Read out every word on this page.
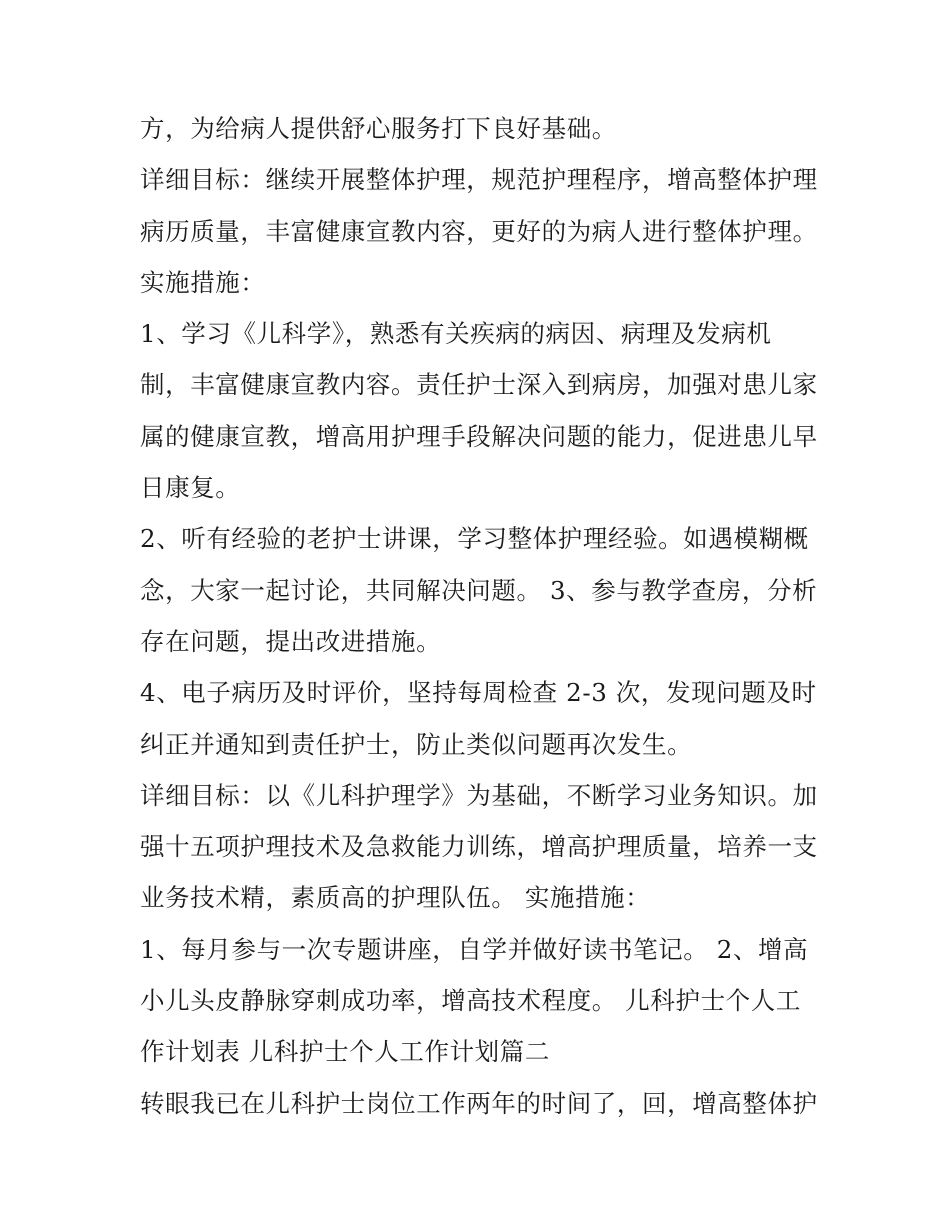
方，为给病人提供舒心服务打下良好基础。
详细目标：继续开展整体护理，规范护理程序，增高整体护理
病历质量，丰富健康宣教内容，更好的为病人进行整体护理。
实施措施：
1、学习《儿科学》，熟悉有关疾病的病因、病理及发病机
制，丰富健康宣教内容。责任护士深入到病房，加强对患儿家
属的健康宣教，增高用护理手段解决问题的能力，促进患儿早
日康复。
2、听有经验的老护士讲课，学习整体护理经验。如遇模糊概
念，大家一起讨论，共同解决问题。 3、参与教学查房，分析
存在问题，提出改进措施。
4、电子病历及时评价，坚持每周检查 2-3 次，发现问题及时
纠正并通知到责任护士，防止类似问题再次发生。
详细目标：以《儿科护理学》为基础，不断学习业务知识。加
强十五项护理技术及急救能力训练，增高护理质量，培养一支
业务技术精，素质高的护理队伍。 实施措施：
1、每月参与一次专题讲座，自学并做好读书笔记。 2、增高
小儿头皮静脉穿刺成功率，增高技术程度。 儿科护士个人工
作计划表 儿科护士个人工作计划篇二
转眼我已在儿科护士岗位工作两年的时间了，回，增高整体护
